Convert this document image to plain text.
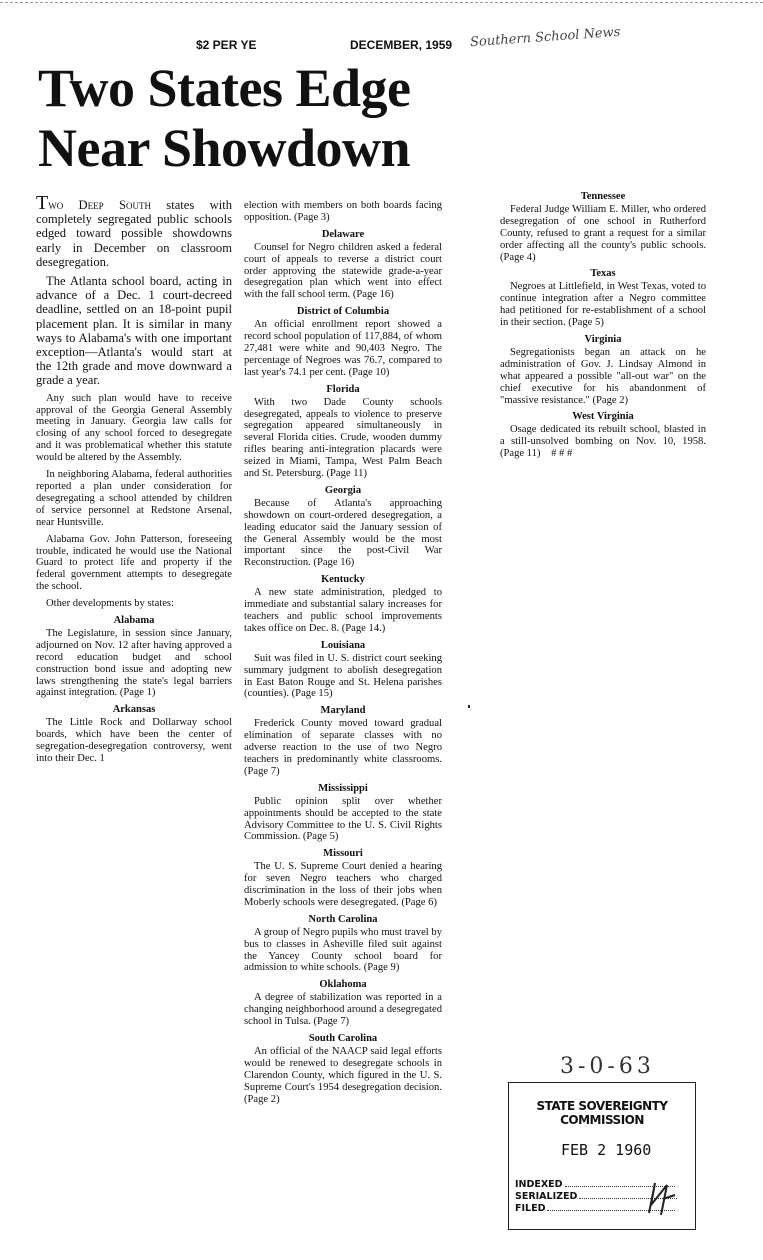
$2 PER YE	DECEMBER, 1959 Southern School News
Two States Edge
Near Showdown

Two Deep South states with completely segregated public schools edged toward possible showdowns early in December on classroom desegregation.

The Atlanta school board, acting in advance of a Dec. 1 court-decreed deadline, settled on an 18-point pupil placement plan. It is similar in many ways to Alabama's with one important exception—Atlanta's would start at the 12th grade and move downward a grade a year.

Any such plan would have to receive approval of the Georgia General Assembly meeting in January. Georgia law calls for closing of any school forced to desegregate and it was problematical whether this statute would be altered by the Assembly.

In neighboring Alabama, federal authorities reported a plan under consideration for desegregating a school attended by children of service personnel at Redstone Arsenal, near Huntsville.

Alabama Gov. John Patterson, foreseeing trouble, indicated he would use the National Guard to protect life and property if the federal government attempts to desegregate the school.

Other developments by states:

Alabama

The Legislature, in session since January, adjourned on Nov. 12 after having approved a record education budget and school construction bond issue and adopting new laws strengthening the state's legal barriers against integration. (Page 1)

Arkansas

The Little Rock and Dollarway school boards, which have been the center of segregation-desegregation controversy, went into their Dec. 1

election with members on both boards facing opposition. (Page 3)

Delaware

Counsel for Negro children asked a federal court of appeals to reverse a district court order approving the statewide grade-a-year desegregation plan which went into effect with the fall school term. (Page 16)

District of Columbia

An official enrollment report showed a record school population of 117,884, of whom 27,481 were white and 90,403 Negro. The percentage of Negroes was 76.7, compared to last year's 74.1 per cent. (Page 10)

Florida

With two Dade County schools desegregated, appeals to violence to preserve segregation appeared simultaneously in several Florida cities. Crude, wooden dummy rifles bearing anti-integration placards were seized in Miami, Tampa, West Palm Beach and St. Petersburg. (Page 11)

Georgia

Because of Atlanta's approaching showdown on court-ordered desegregation, a leading educator said the January session of the General Assembly would be the most important since the post-Civil War Reconstruction. (Page 16)

Kentucky

A new state administration, pledged to immediate and substantial salary increases for teachers and public school improvements takes office on Dec. 8. (Page 14.)

Louisiana

Suit was filed in U. S. district court seeking summary judgment to abolish desegregation in East Baton Rouge and St. Helena parishes (counties). (Page 15)

Maryland

Frederick County moved toward gradual elimination of separate classes with no adverse reaction to the use of two Negro teachers in predominantly white classrooms. (Page 7)

Mississippi

Public opinion split over whether appointments should be accepted to the state Advisory Committee to the U. S. Civil Rights Commission. (Page 5)

Missouri

The U. S. Supreme Court denied a hearing for seven Negro teachers who charged discrimination in the loss of their jobs when Moberly schools were desegregated. (Page 6)

North Carolina

A group of Negro pupils who must travel by bus to classes in Asheville filed suit against the Yancey County school board for admission to white schools. (Page 9)

Oklahoma

A degree of stabilization was reported in a changing neighborhood around a desegregated school in Tulsa. (Page 7)

South Carolina

An official of the NAACP said legal efforts would be renewed to desegregate schools in Clarendon County, which figured in the U. S. Supreme Court's 1954 desegregation decision. (Page 2)

Tennessee

Federal Judge William E. Miller, who ordered desegregation of one school in Rutherford County, refused to grant a request for a similar order affecting all the county's public schools. (Page 4)

Texas

Negroes at Littlefield, in West Texas, voted to continue integration after a Negro committee had petitioned for re-establishment of a school in their section. (Page 5)

Virginia

Segregationists began an attack on he administration of Gov. J. Lindsay Almond in what appeared a possible "all-out war" on the chief executive for his abandonment of "massive resistance." (Page 2)

West Virginia

Osage dedicated its rebuilt school, blasted in a still-unsolved bombing on Nov. 10, 1958. (Page 11) # # #

3-0-63
STATE SOVEREIGNTY COMMISSION
FEB 2 1960
INDEXED
SERIALIZED
FILED
